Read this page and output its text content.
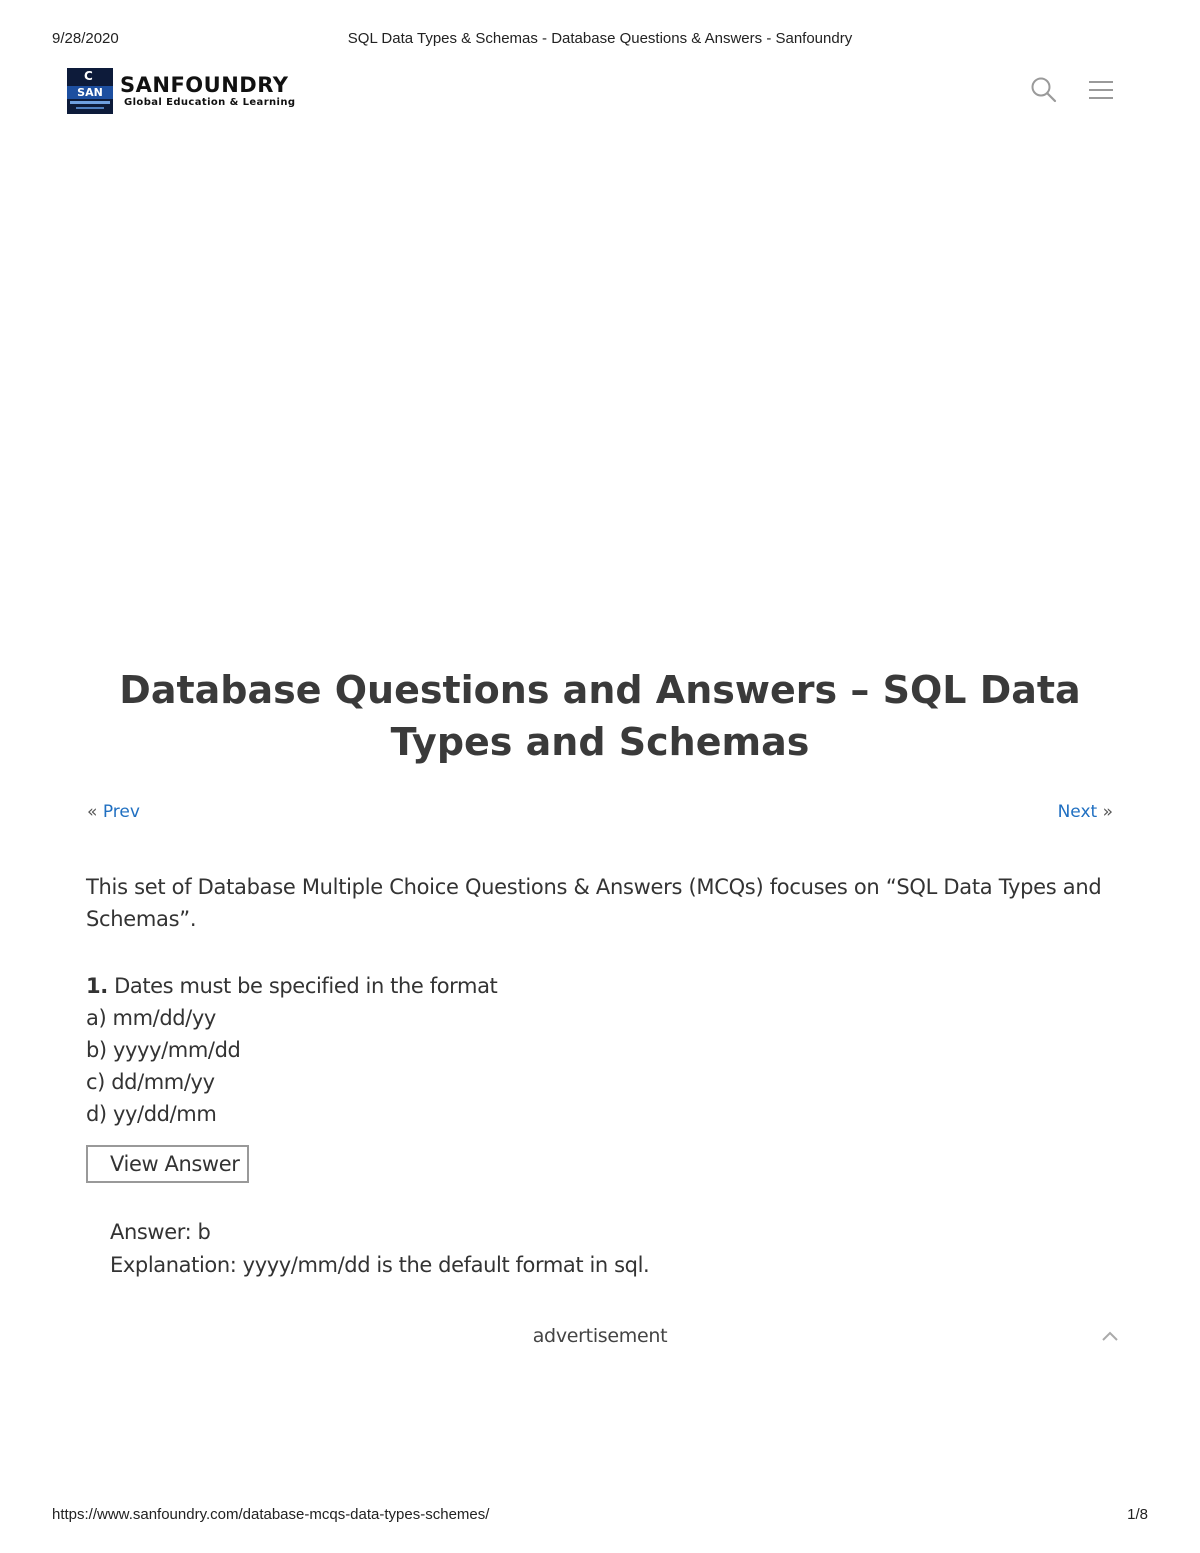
9/28/2020	SQL Data Types & Schemas - Database Questions & Answers - Sanfoundry
C
SAN SANFOUNDRY
Global Education & Learning
Database Questions and Answers – SQL Data Types and Schemas
« Prev	Next »

This set of Database Multiple Choice Questions & Answers (MCQs) focuses on “SQL Data Types and Schemas”.

1. Dates must be specified in the format
a) mm/dd/yy
b) yyyy/mm/dd
c) dd/mm/yy
d) yy/dd/mm
View Answer
Answer: b
Explanation: yyyy/mm/dd is the default format in sql.
advertisement
https://www.sanfoundry.com/database-mcqs-data-types-schemes/	1/8
